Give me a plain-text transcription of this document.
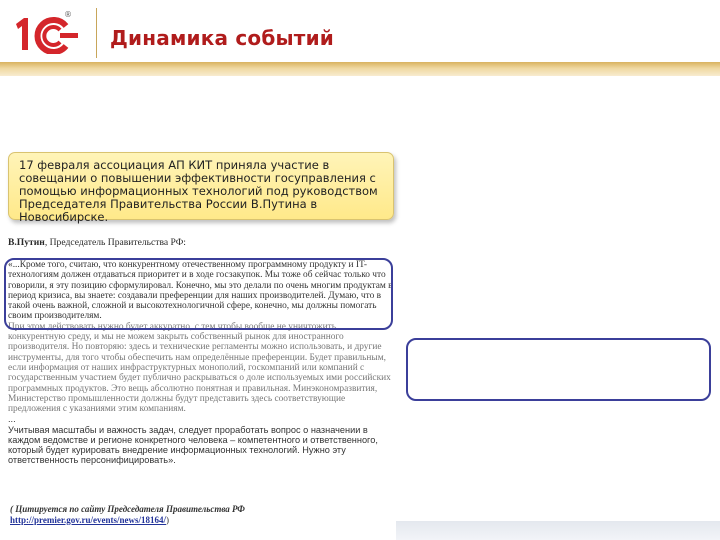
®
Динамика событий
17 февраля ассоциация АП КИТ приняла участие в совещании о повышении эффективности госуправления с помощью информационных технологий под руководством Председателя Правительства России В.Путина в Новосибирске.
В.Путин, Председатель Правительства РФ:

«...Кроме того, считаю, что конкурентному отечественному программному продукту и IT-технологиям должен отдаваться приоритет и в ходе госзакупок. Мы тоже об сейчас только что говорили, я эту позицию сформулировал. Конечно, мы это делали по очень многим продуктам в период кризиса, вы знаете: создавали преференции для наших производителей. Думаю, что в такой очень важной, сложной и высокотехнологичной сфере, конечно, мы должны помогать своим производителям.

При этом действовать нужно будет аккуратно, с тем чтобы вообще не уничтожить конкурентную среду, и мы не можем закрыть собственный рынок для иностранного производителя. Но повторяю: здесь и технические регламенты можно использовать, и другие инструменты, для того чтобы обеспечить нам определённые преференции. Будет правильным, если информация от наших инфраструктурных монополий, госкомпаний или компаний с государственным участием будет публично раскрываться о доле используемых ими российских программных продуктов. Это вещь абсолютно понятная и правильная. Минэкономразвития, Министерство промышленности должны будут представить здесь соответствующие предложения с указаниями этим компаниям.

...

Учитывая масштабы и важность задач, следует проработать вопрос о назначении в каждом ведомстве и регионе конкретного человека – компетентного и ответственного, который будет курировать внедрение информационных технологий. Нужно эту ответственность персонифицировать».

( Цитируется по сайту Председателя Правительства РФ
http://premier.gov.ru/events/news/18164/)
